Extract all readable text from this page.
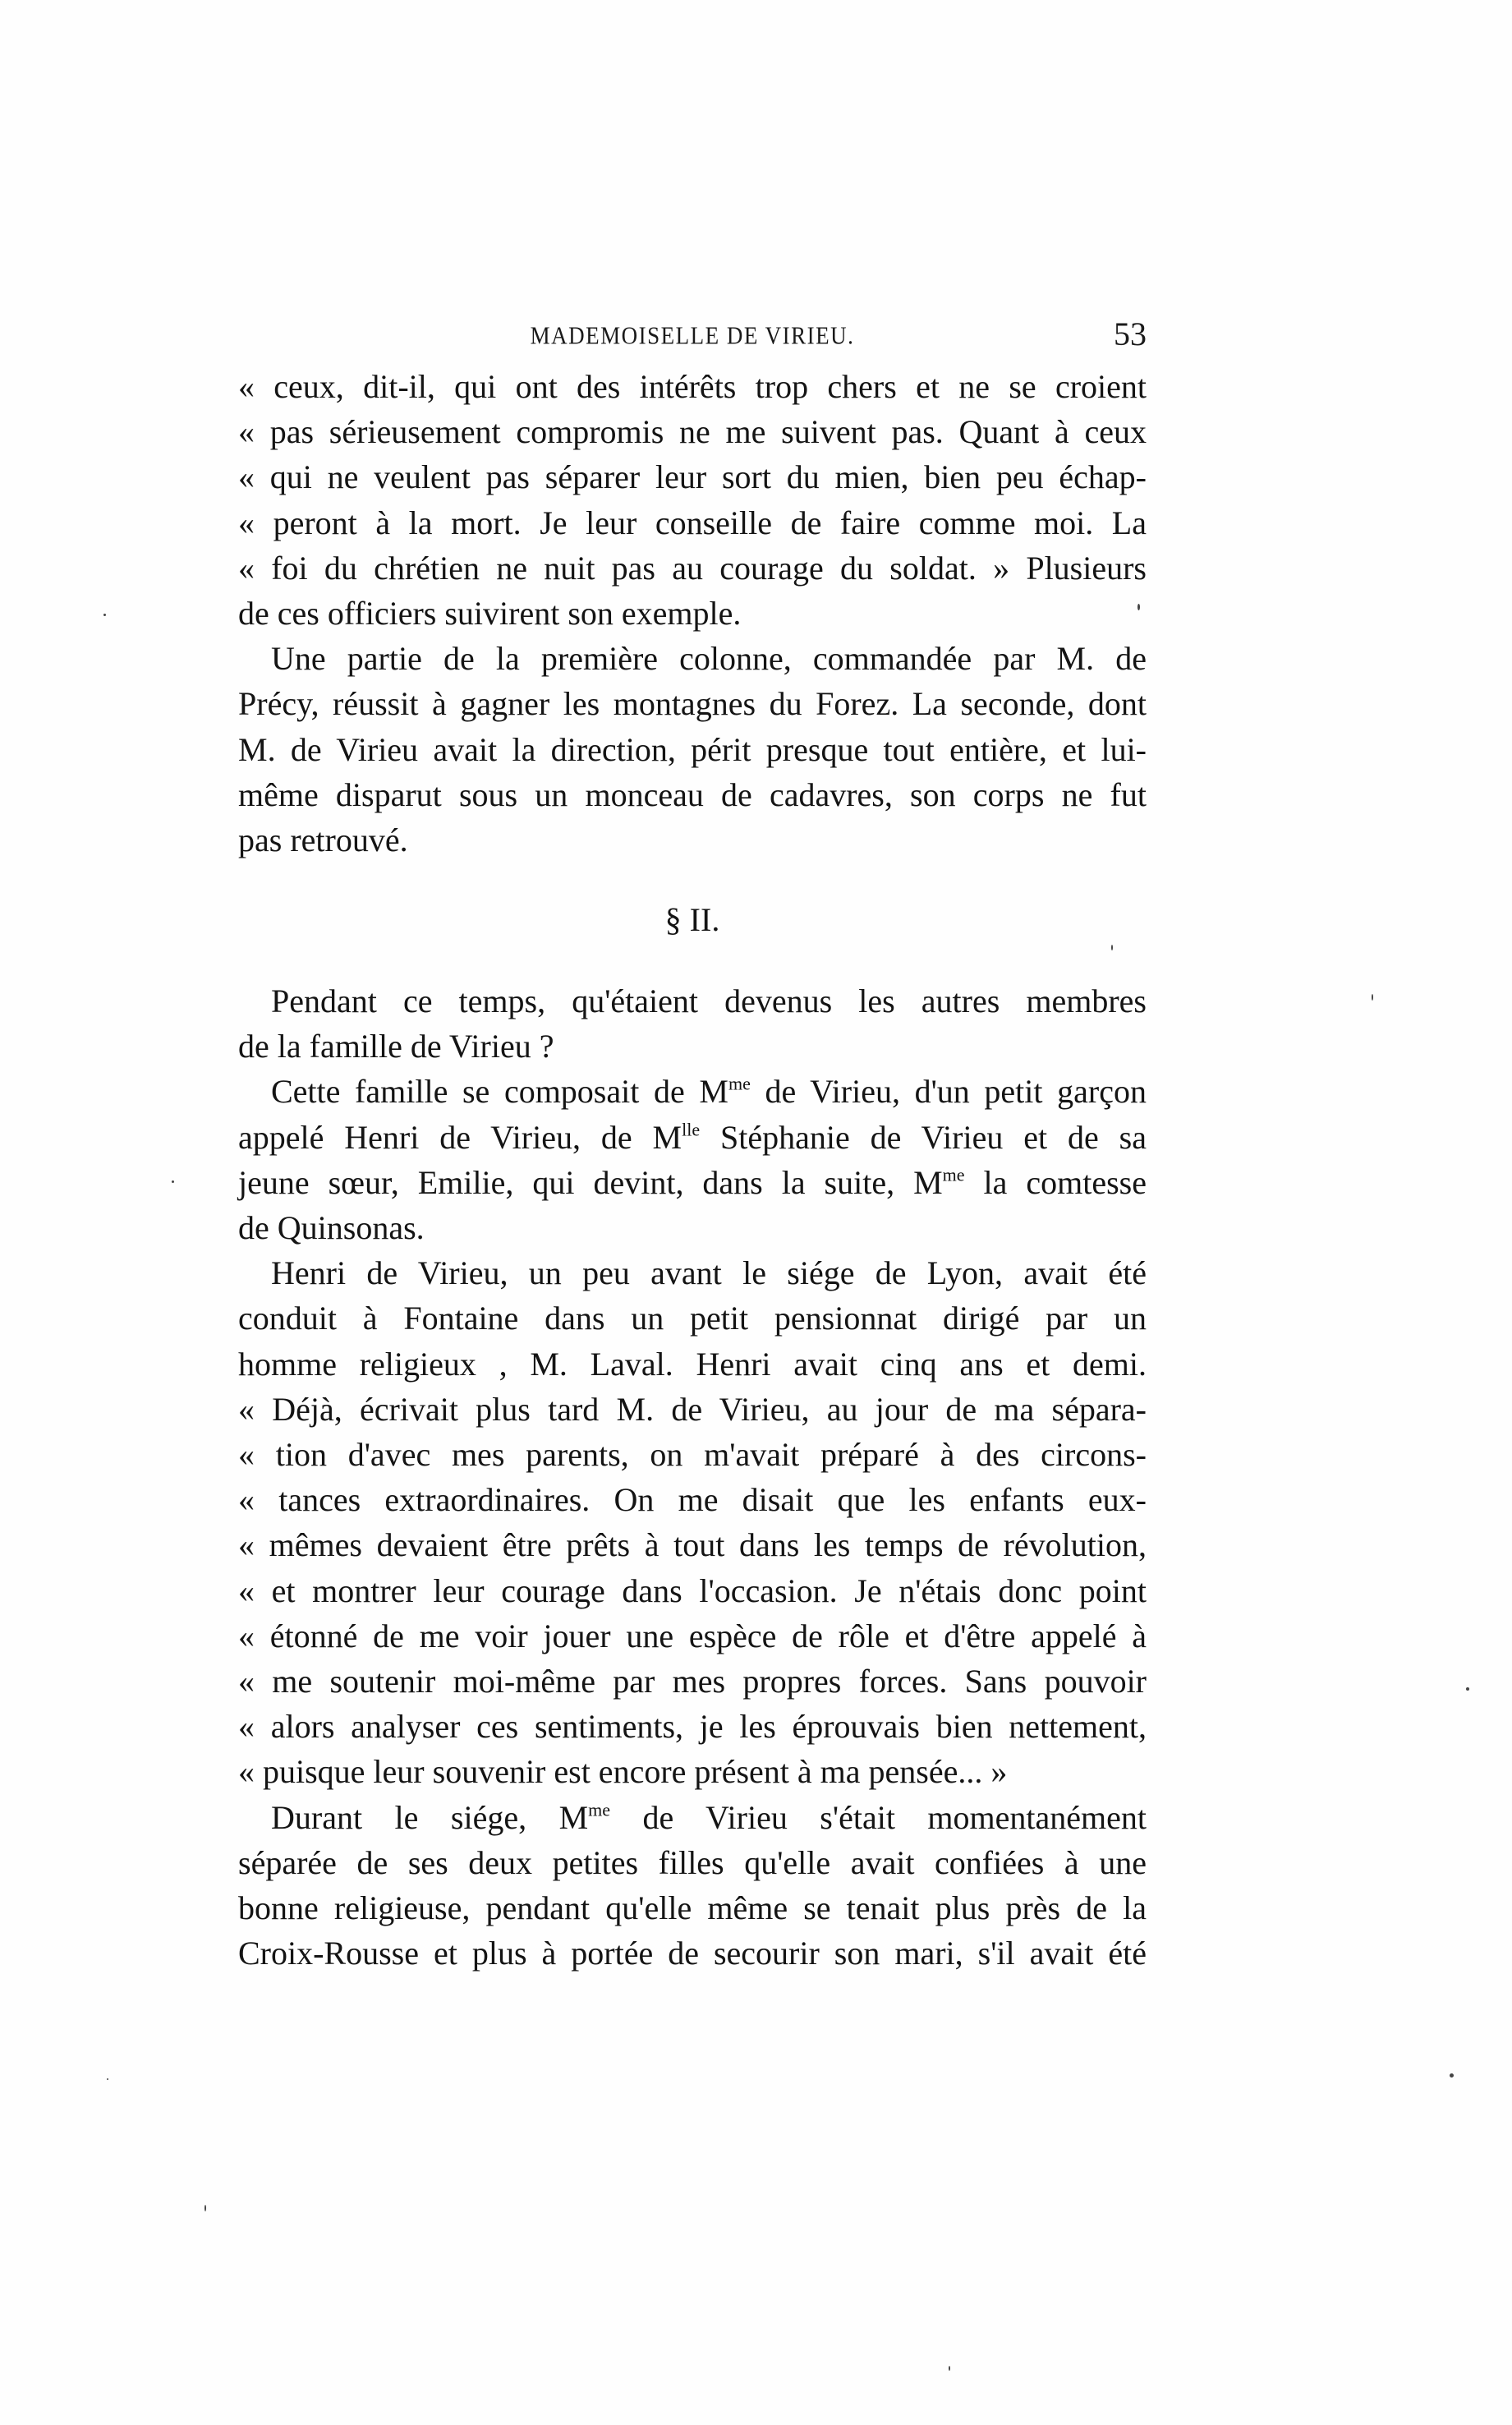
MADEMOISELLE DE VIRIEU.	53
« ceux, dit-il, qui ont des intérêts trop chers et ne se croient
« pas sérieusement compromis ne me suivent pas. Quant à ceux
« qui ne veulent pas séparer leur sort du mien, bien peu échap-
« peront à la mort. Je leur conseille de faire comme moi. La
« foi du chrétien ne nuit pas au courage du soldat. » Plusieurs
de ces officiers suivirent son exemple.
Une partie de la première colonne, commandée par M. de
Précy, réussit à gagner les montagnes du Forez. La seconde, dont
M. de Virieu avait la direction, périt presque tout entière, et lui-
même disparut sous un monceau de cadavres, son corps ne fut
pas retrouvé.
§ II.
Pendant ce temps, qu'étaient devenus les autres membres
de la famille de Virieu ?
Cette famille se composait de $M^{me}$ de Virieu, d'un petit garçon
appelé Henri de Virieu, de $M^{lle}$ Stéphanie de Virieu et de sa
jeune sœur, Emilie, qui devint, dans la suite, $M^{me}$ la comtesse
de Quinsonas.
Henri de Virieu, un peu avant le siége de Lyon, avait été
conduit à Fontaine dans un petit pensionnat dirigé par un
homme religieux , M. Laval. Henri avait cinq ans et demi.
« Déjà, écrivait plus tard M. de Virieu, au jour de ma sépara-
« tion d'avec mes parents, on m'avait préparé à des circons-
« tances extraordinaires. On me disait que les enfants eux-
« mêmes devaient être prêts à tout dans les temps de révolution,
« et montrer leur courage dans l'occasion. Je n'étais donc point
« étonné de me voir jouer une espèce de rôle et d'être appelé à
« me soutenir moi-même par mes propres forces. Sans pouvoir
« alors analyser ces sentiments, je les éprouvais bien nettement,
« puisque leur souvenir est encore présent à ma pensée... »
Durant le siége, $M^{me}$ de Virieu s'était momentanément
séparée de ses deux petites filles qu'elle avait confiées à une
bonne religieuse, pendant qu'elle même se tenait plus près de la
Croix-Rousse et plus à portée de secourir son mari, s'il avait été
